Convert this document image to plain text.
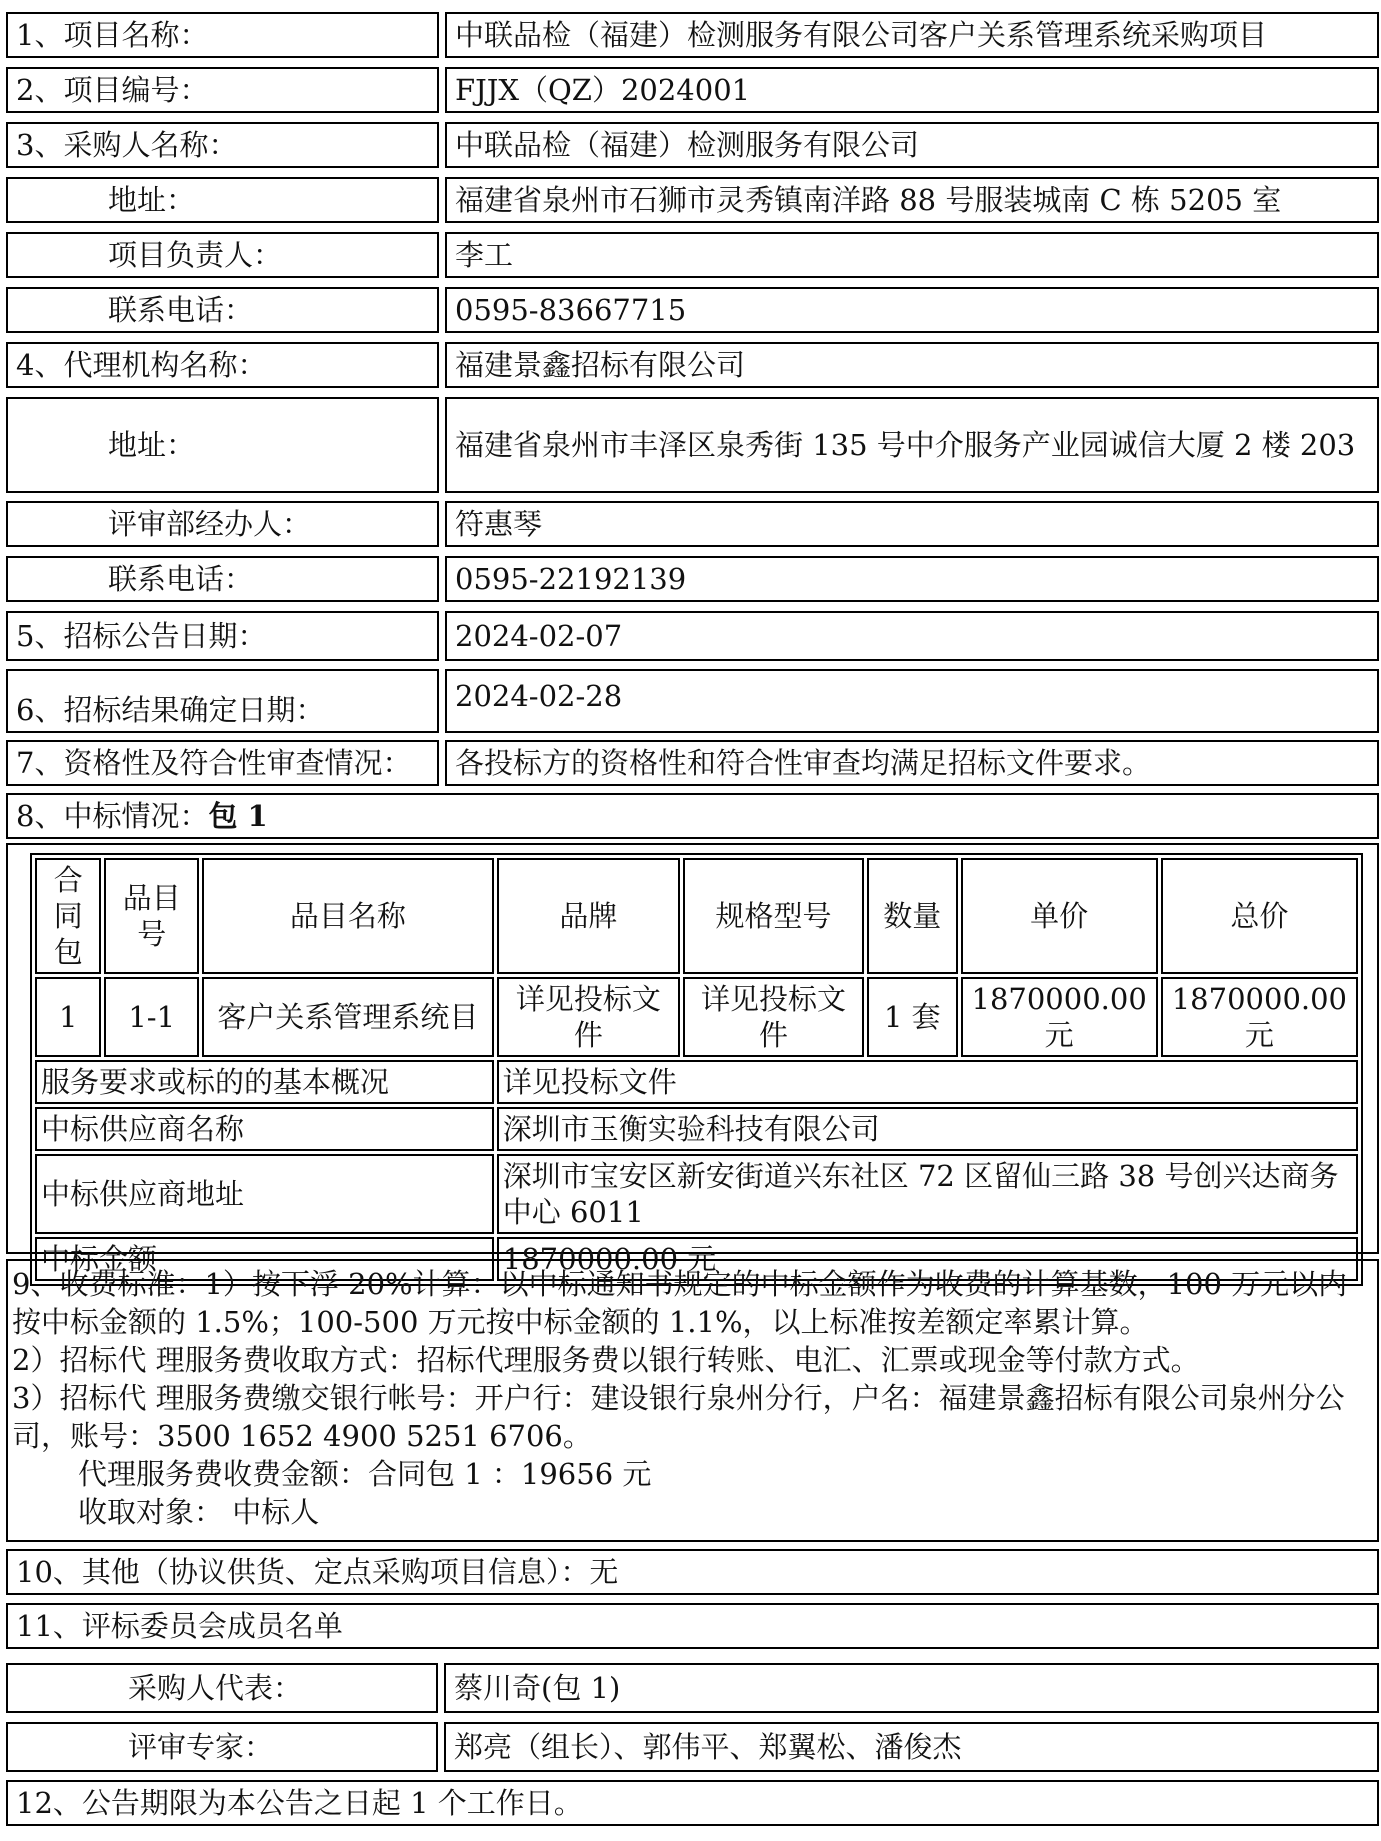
1、项目名称：	中联品检（福建）检测服务有限公司客户关系管理系统采购项目
2、项目编号：	FJJX（QZ）2024001
3、采购人名称：	中联品检（福建）检测服务有限公司
地址：	福建省泉州市石狮市灵秀镇南洋路 88 号服装城南 C 栋 5205 室
项目负责人：	李工
联系电话：	0595-83667715
4、代理机构名称：	福建景鑫招标有限公司
地址：	福建省泉州市丰泽区泉秀街 135 号中介服务产业园诚信大厦 2 楼 203
评审部经办人：	符惠琴
联系电话：	0595-22192139
5、招标公告日期：	2024-02-07
6、招标结果确定日期：	2024-02-28
7、资格性及符合性审查情况：	各投标方的资格性和符合性审查均满足招标文件要求。
8、中标情况： 包 1
合同包	品目号	品目名称	品牌	规格型号	数量	单价	总价
1	1-1	客户关系管理系统目	详见投标文件	详见投标文件	1 套	1870000.00 元	1870000.00 元
服务要求或标的的基本概况			详见投标文件				
中标供应商名称			深圳市玉衡实验科技有限公司				
中标供应商地址			深圳市宝安区新安街道兴东社区 72 区留仙三路 38 号创兴达商务中心 6011				
中标金额			1870000.00 元				
9、收费标准：1）按下浮 20%计算：以中标通知书规定的中标金额作为收费的计算基数，100 万元以内按中标金额的 1.5%；100-500 万元按中标金额的 1.1%，以上标准按差额定率累计算。
2）招标代 理服务费收取方式：招标代理服务费以银行转账、电汇、汇票或现金等付款方式。
3）招标代 理服务费缴交银行帐号：开户行：建设银行泉州分行，户名：福建景鑫招标有限公司泉州分公司，账号：3500 1652 4900 5251 6706。
代理服务费收费金额：合同包 1 ：19656 元
收取对象： 中标人
10、其他（协议供货、定点采购项目信息）：无
11、评标委员会成员名单
采购人代表：	蔡川奇(包 1)
评审专家：	郑亮（组长）、郭伟平、郑翼松、潘俊杰
12、公告期限为本公告之日起 1 个工作日。
